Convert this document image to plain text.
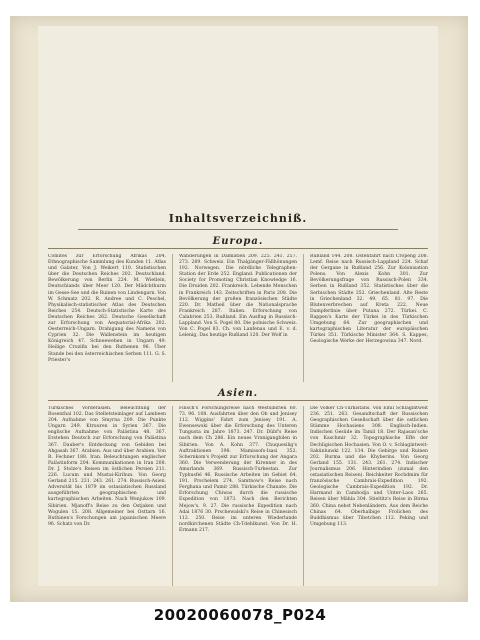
Inhaltsverzeichniß.
Europa.
Comités zur Erforschung Afrikas 204. Ethnographische Sammlung des Kunden 11. Atlas und Galater, Von J. Weikert 110. Statistischen über die Deutschen Reiches 202. Deutschland. Bewölkerung von Berlin 224. M. Wietlein, Deutschlands über Meer 120. Der Mädchthurm im Gesse-See und die Ruinen von Lindengarn. Von W. Schmatz 202. R. Andree und C. Peschel, Physikalisch-statistischer Atlas des Deutschen Reiches 254. Deutsch-Statistische Karte des Deutschen Reiches 262. Deutsche Gesellschaft zur Erforschung von Aequatorial-Afrika 202. Oesterreich-Ungarn. Drahigung des Namens von Cyprien 32. Die Wallenstein im heutigen Königreich 47. Schneewehen in Ungarn 49. Heilige Cruzifix bei den Ruthenen 96. Über Stande bei den österreichischen Serben 111. G. S. Priester's
Wanderungen in Dalmatien 209. 225. 241. 257. 273. 289. Schweiz. Ein Thalgänger-Fällhönungen 192. Norwegen. Die nördliche Telegraphen-Station der Erde 252. England. Publicationen der Society for Promoting Christian Knowledge 16. Die Druiden 202. Frankreich. Lebende Menschen in Frankreich 143. Zeitschriften in Paris 208. Die Bevölkerung der großen französischen Städte 220. Dr. Matheil über die Nationalsprache Frankreich 287. Italien. Erforschung von Calabrien 253. Rußland. Ein Ausflug in Russisch-Lappland. Von S. Pogel 80. Die polnische Schweiz. Von C. Pogel 83. Ch. von Lanfenau und E. v. d. Lelenig, Das heutige Rußland 120. Der Wolf in
Rußland 144. 208. Ostenfahrt nach Cropeng 208. Lemf. Reise nach Russisch-Lappland 224. Schaf der Gergane in Rußland 256. Zur Kolonisation Polens. Von Alexis Kohn 301. Zur Bevölkerungsfrage von Russisch-Polen 334. Serben in Rußland 352. Statistisches über die Serbischen Städte 352. Griechenland. Alte Reste in Griechenland 32. 49. 65. 81. 97. Die Blutenverbrechen auf Kreta 222. Neue Dampferlinie über Putana 272. Türkei. C. Rappen's Karte der Türkei in des Türkischen Umgebung 64. Zur geographischen und kartographischen Literatur der europäischen Türkei 351. Türkische Minister 364. S. Kappes, Geologische Werke der Herzegowina 347. Nord.
Asien.
Türkisches Vorderasien. Beleuchtung der Rosenthal 102. Das Stelletsteinlager auf Lambeen 204. Aufnahme von Smyrna 209. Die Punkte Ungarn 249. Ktruuren in Syrien 367. Die englische Aufnahme von Palästina 48. 367. Erstehen Deutsch zur Erforschung von Palästina 367. Dauber's Entdeckung von Gebiden bei Ahgasah 367. Arabien. Aus und über Arabien. Von R. Fechner 188. Iran. Beleuchtungen englischer Palästinform 204. Kommunikationen in Iran 208. Dr. J. Stolze's Reisen im östlichen Persien 211. 226. Lucum und Mustai-Kirihun. Von Georg Gerland 215. 231. 243. 261. 274. Russisch-Asien. Adversität bis 1879 im ostasiatischen Russland ausgeführten geographischen und kartographischen Arbeiten. Nach Wenjukow 109. Sibirien. Mjanoff's Reise zu den Ostjaken und Wogulen 15. 208. Allgemeiner bei Osttarn 16. Ruthinen's Forschungen am japanischen Meere 96. Schatz von Dr.
Finsch's Forschungsreise nach Westsibirien 60. 73. 96. 108. Ausfahrten über den Ob und Jenisey 112. Wiggins' Fahrt zum Jenisey 191. A. Ewensewski über die Erforschung des Unteren Tungusta im Jahre 1873. 247. Dr. Dübf's Reise nach dem Ch 286. Ein neues Vranigangbilen in Sibirien. Von A. Kohn 377. Chuquesilig's Auftraktionen 398. Mamissofs-Isasi 352. Schernkom's Projekt zur Erforschung der Angara 360. Die Verwenderung der Kirenner in des Amurlands 369. Russisch-Turkestan. Zur Typhusfel 46. Russische Arbeiten im Gebiet 64. 191. Prschelem 274. Samtnow's Reise nach Ferghana und Pamir 288. Türkische Chanate. Die Erforschung Chiwas durch die russische Expedition von 1873. Nach den Berichten Mejow's. 9. 27. Die russische Expedition nach Adai 1876 30. Prschewalski's Reise in Chinesisch 112. 250. Reise im unteren Wiederlande nordkirchenen Städte Ch-Tdehlkunst. Von Dr. H. Ermann 217.
Die Völker Ch-Türkistans. Von Emil Schlagintweit 236. 251. 263. Gesandtschaft der Russischen Geographischen Gesellschaft über die ostlichen Stämme Hochasiens 308. Englisch-Indien. Indischen Gesüde im Tamil 18. Der Rajasan'sche von Kaschmir 32. Topographische Effe der Dechligischen Hochasien. Von O. v. Schlagintweit-Sakünlunski 122. 134. Die Gebirge und Ruinen 202. Burma und die Khyberins. Von Georg Gerland 155. 131. 243. 261. 274. Indischer Journalismus 206. Hinterindien (zumal den ostasiatischen Reisen). Reichkeiter Rochdmim für französische Cambrais-Expedition 192. Geologische Cambrais-Expedition 192. Dr. Harmand in Cambodja und Unter-Laos 265. Reisen über Mähla 304. Stieltitz's Reise in Birma 360. China nebst Nebenländern. Aus dem Reiche Chinas 64. Oberhalbige Frolichen des Buddhismus über Tibetchen 112. Peking und Umgebung 113.
20020060078_P024
